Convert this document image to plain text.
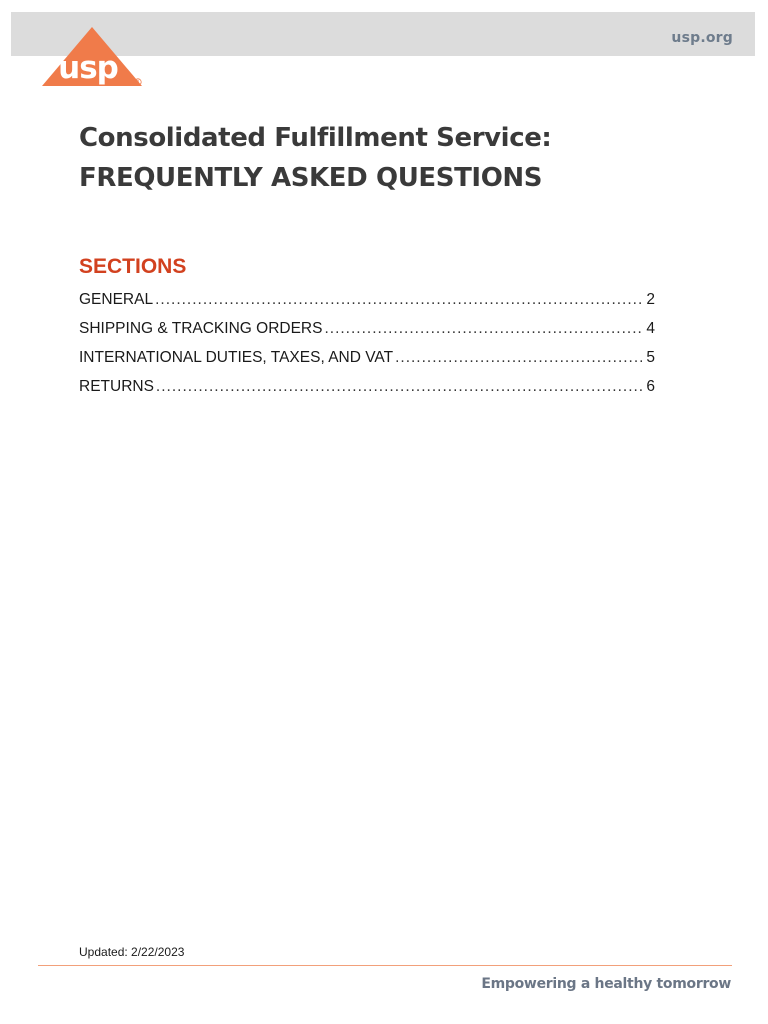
usp.org
usp	R
Consolidated Fulfillment Service:
FREQUENTLY ASKED QUESTIONS
SECTIONS
GENERAL .....	2
SHIPPING & TRACKING ORDERS .....	4
INTERNATIONAL DUTIES, TAXES, AND VAT .....	5
RETURNS .....	6
Updated: 2/22/2023
Empowering a healthy tomorrow
